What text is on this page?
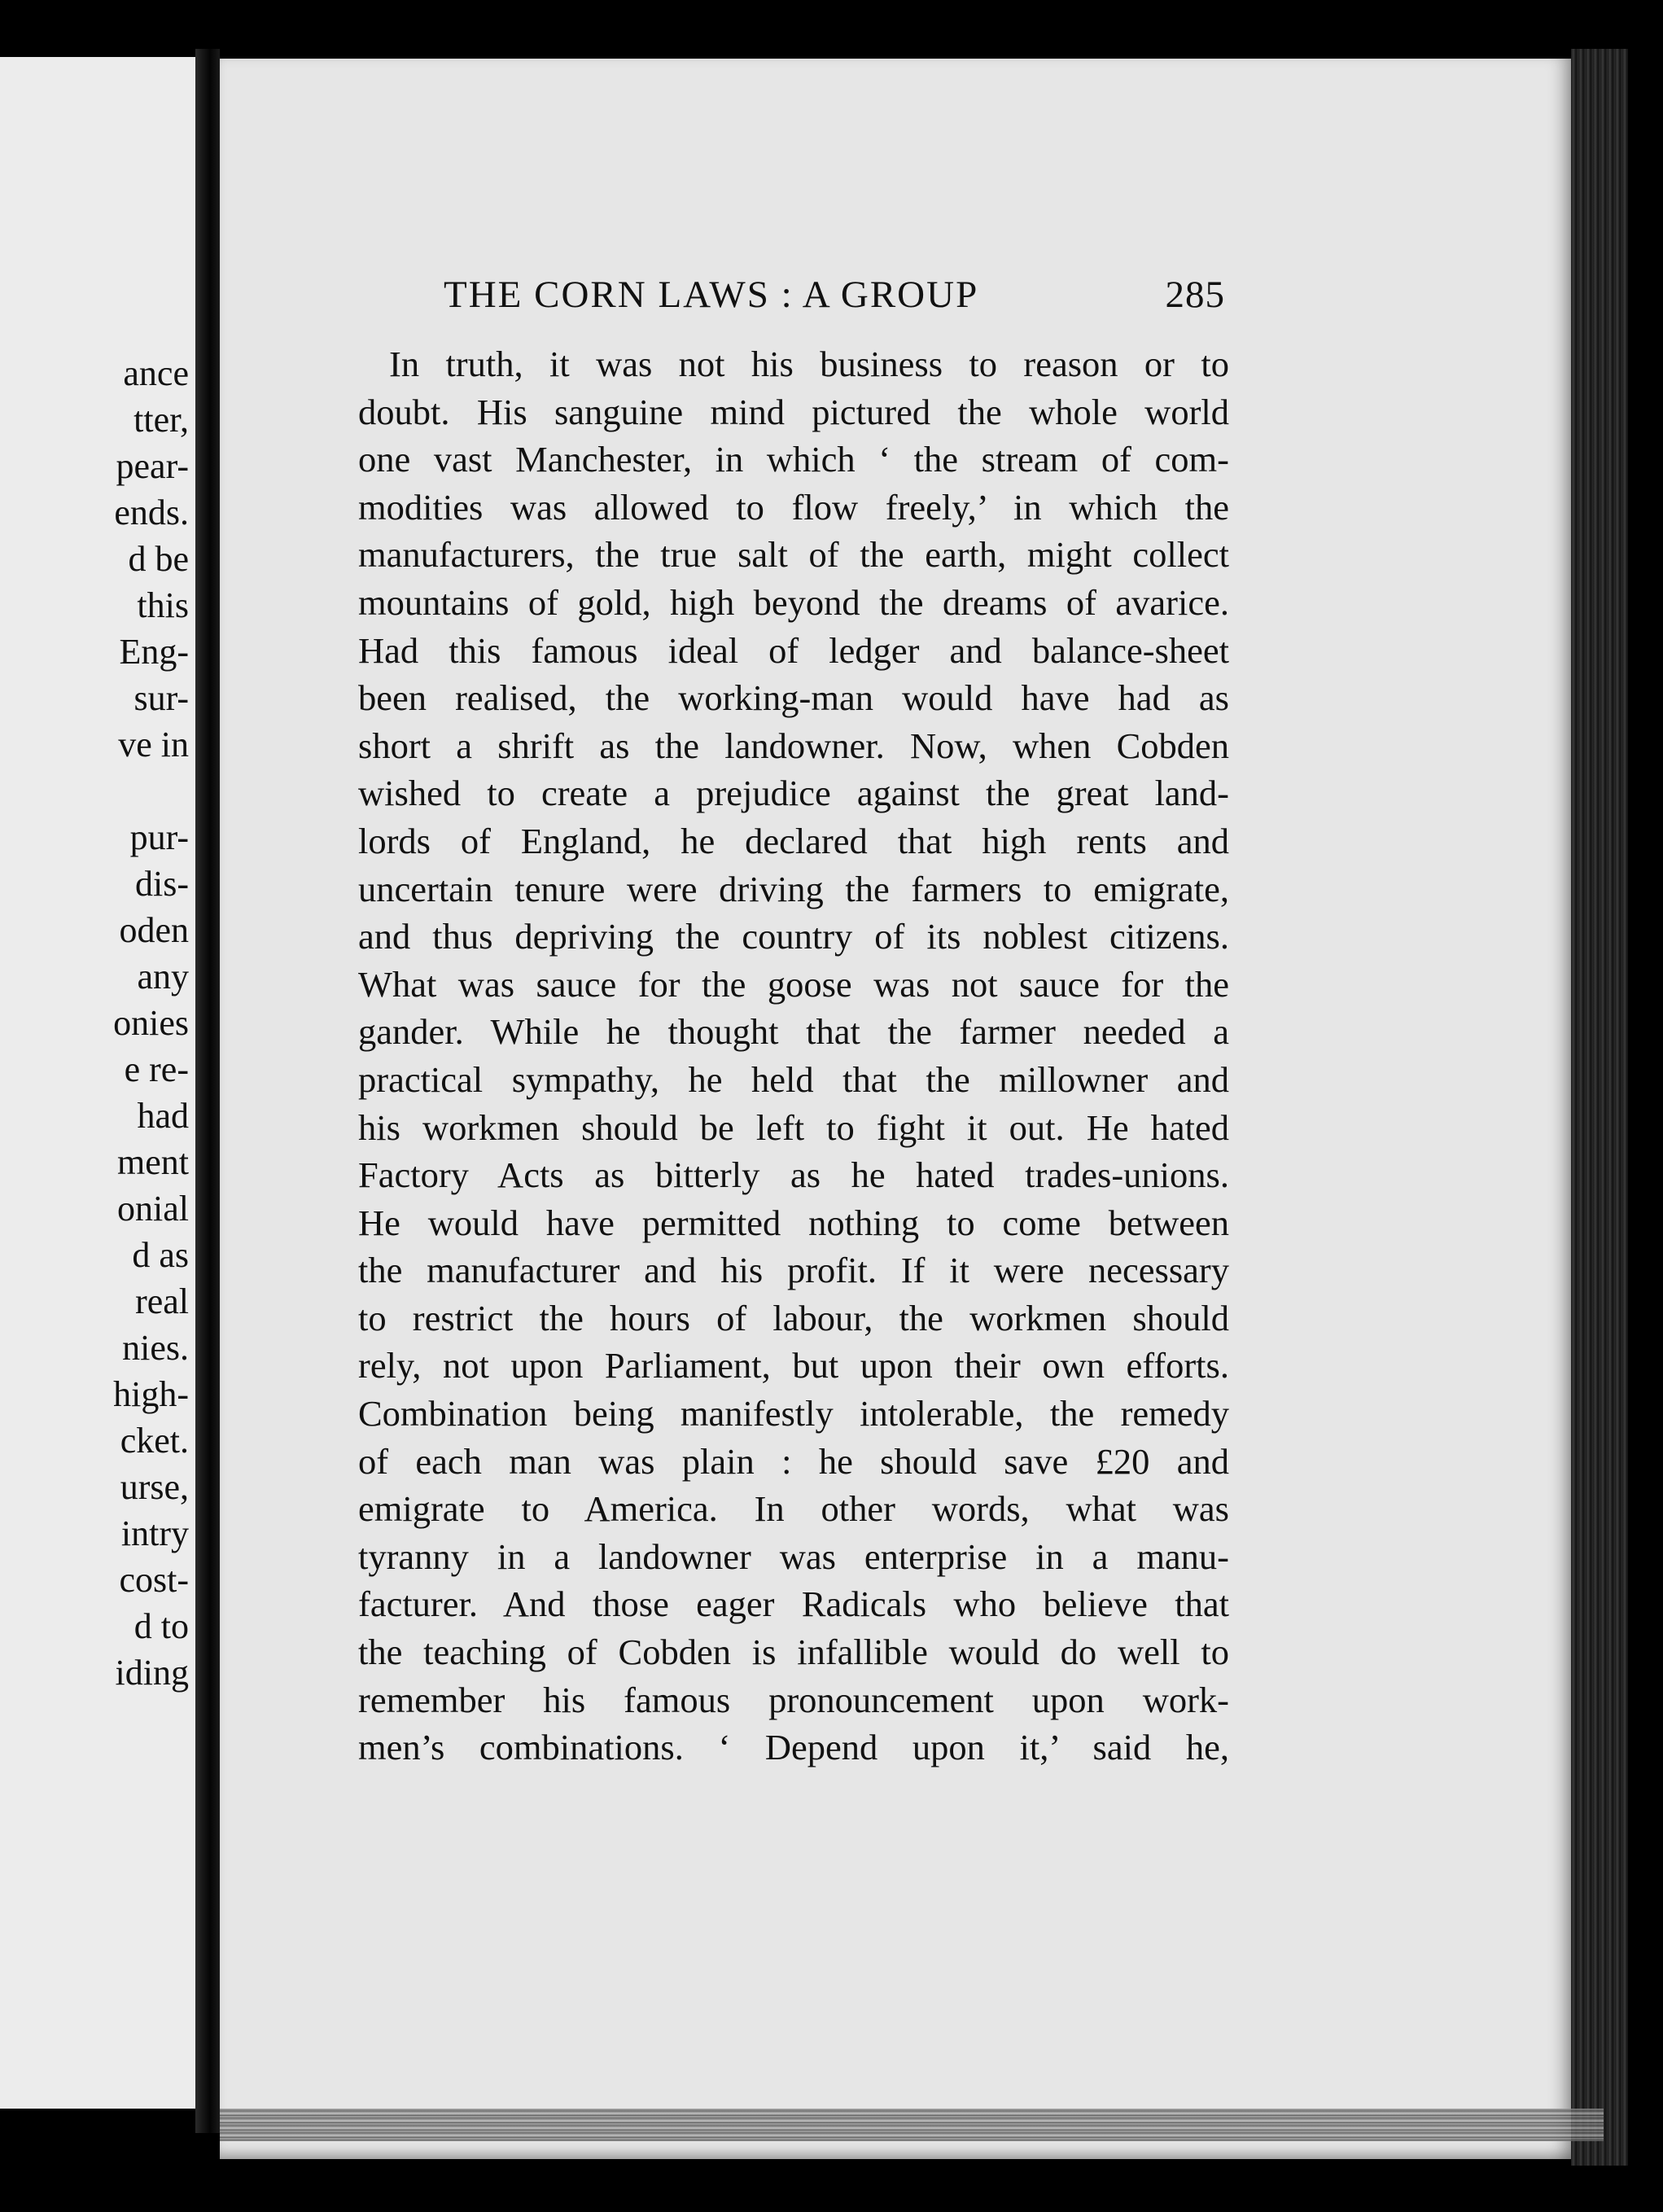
ance
tter,
pear-
ends.
d be
this
Eng-
sur-
ve in
pur-
dis-
oden
any
onies
e re-
had
ment
onial
d as
real
nies.
high-
cket.
urse,
intry
cost-
d to
iding
THE CORN LAWS : A GROUP	285
In truth, it was not his business to reason or to
doubt. His sanguine mind pictured the whole world
one vast Manchester, in which ‘ the stream of com-
modities was allowed to flow freely,’ in which the
manufacturers, the true salt of the earth, might collect
mountains of gold, high beyond the dreams of avarice.
Had this famous ideal of ledger and balance-sheet
been realised, the working-man would have had as
short a shrift as the landowner. Now, when Cobden
wished to create a prejudice against the great land-
lords of England, he declared that high rents and
uncertain tenure were driving the farmers to emigrate,
and thus depriving the country of its noblest citizens.
What was sauce for the goose was not sauce for the
gander. While he thought that the farmer needed a
practical sympathy, he held that the millowner and
his workmen should be left to fight it out. He hated
Factory Acts as bitterly as he hated trades-unions.
He would have permitted nothing to come between
the manufacturer and his profit. If it were necessary
to restrict the hours of labour, the workmen should
rely, not upon Parliament, but upon their own efforts.
Combination being manifestly intolerable, the remedy
of each man was plain : he should save £20 and
emigrate to America. In other words, what was
tyranny in a landowner was enterprise in a manu-
facturer. And those eager Radicals who believe that
the teaching of Cobden is infallible would do well to
remember his famous pronouncement upon work-
men’s combinations. ‘ Depend upon it,’ said he,
